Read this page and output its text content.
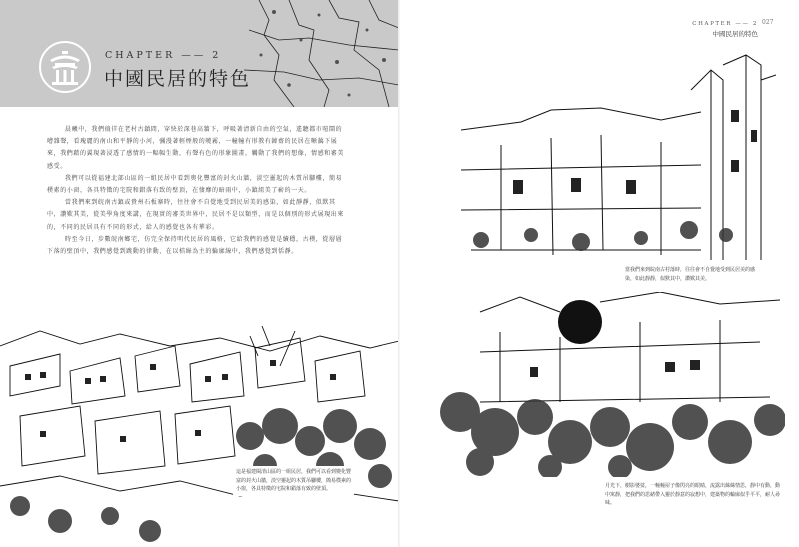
CHAPTER —— 2
中國民居的特色

晨曦中，我們徜徉在老村古鎮間，穿快於深巷高牆下，呼吸著清新自由的空氣，遙聽都市喧鬧的嘈雜聲，看瑰麗的南山和平靜的小河，彌漫著輕煙般的曉霧，一幢幢有形教有韓齋的民居在晰藹下展來，我們藉的翼現著浸透了感情的一幅幅生動，有聲有色的形象圖畫，觸動了我們的想像，情感和審美感受。

我們可以從福建北部山區的一組民居中看到奧化豐富的封火山牆，淡空靈起的木質吊腳樓，簡易樸素的小窗，各具特徵的宅院和錯落有致的壁頂，在悽靡的暗雨中，小鎮組美了嶄的一天。

當我們來到皖南古鎮或貴州石板寨時，往往會不自覺地受到民居美的感染，如此靜靜，似默其中，讚歎其美，從美學角度來講，在現實的審美世界中，民居不是以類型，而是以個別的形式展現出來的，不同的民居具有不同的形式，給人的感覺也各有華彩。

時至今日，步數皖南鄉宅，仿完全保持明代民居的風格，它給我們的感覺是續穩，古樸，從層層下落的壁頂中，我們感覺到跳動的律動，在以桔綠為主的輪廓線中，我們感覺到恬靜。

這是福建閩清山區的一組民居，我們可以看到變化豐富的封火山牆，淡空靈起的木質吊腳樓，簡易樸素的小窗，各具特徵的宅院和錯落有致的壁頂。
CHAPTER —— 2
中國民居的特色
027
當我們來到皖南古村落時，往往會不自覺地受到民居美的感染，如此靜靜，似默其中，讚歎其美。
月光下，樹影婆娑，一幢幢屋子像閃亮的眼睛，流露出絲絲情思，靜中有動，動中寓靜，把我們的思緒帶入靈於靜意的寂想中，建築物的輪廓似乎平平，耐人尋味。
